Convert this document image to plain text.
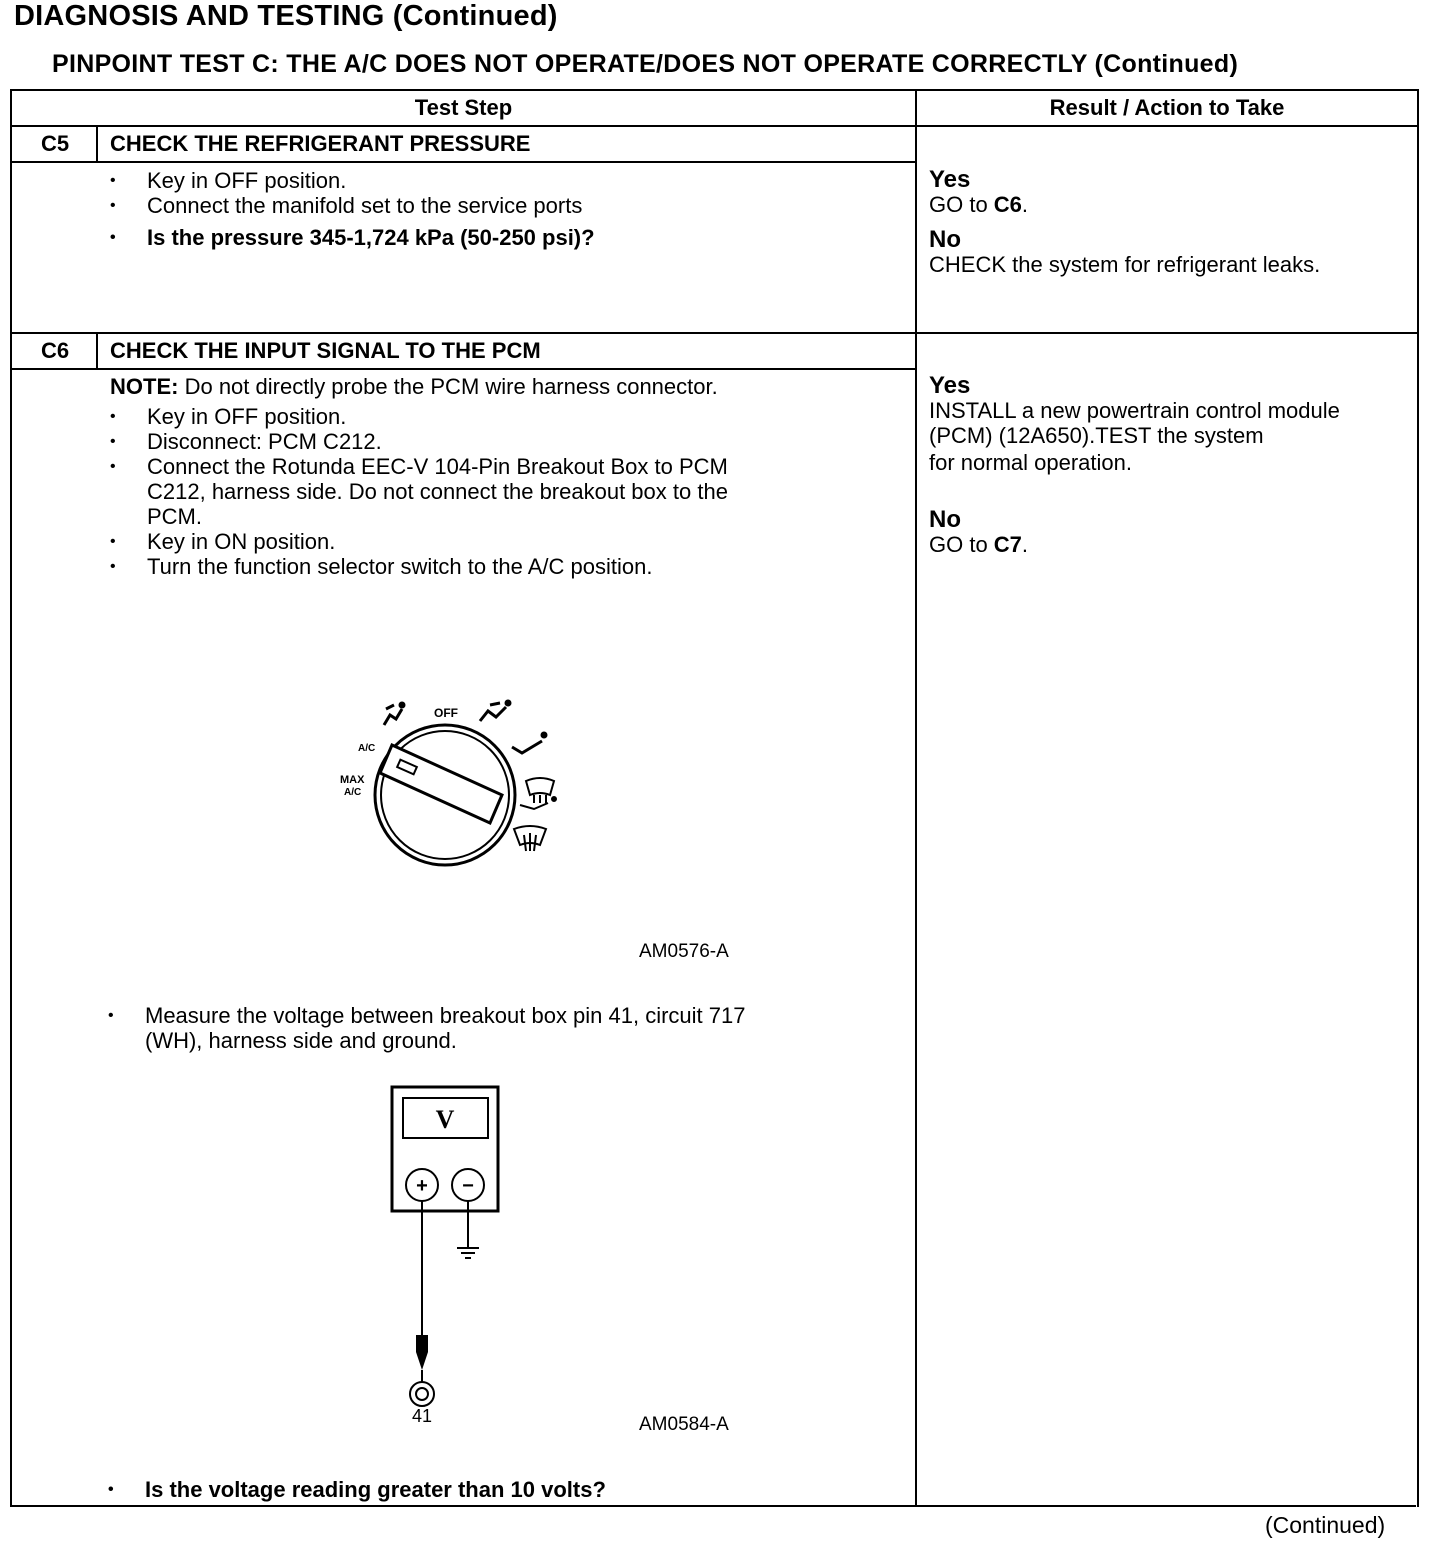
DIAGNOSIS AND TESTING (Continued)
PINPOINT TEST C: THE A/C DOES NOT OPERATE/DOES NOT OPERATE CORRECTLY (Continued)
Test Step	Result / Action to Take
C5	CHECK THE REFRIGERANT PRESSURE
• Key in OFF position.
• Connect the manifold set to the service ports
• Is the pressure 345-1,724 kPa (50-250 psi)?
Yes
GO to C6.
No
CHECK the system for refrigerant leaks.
C6	CHECK THE INPUT SIGNAL TO THE PCM
NOTE: Do not directly probe the PCM wire harness connector.
• Key in OFF position.
• Disconnect: PCM C212.
• Connect the Rotunda EEC-V 104-Pin Breakout Box to PCM
C212, harness side. Do not connect the breakout box to the
PCM.
• Key in ON position.
• Turn the function selector switch to the A/C position.
OFF
A/C
MAX
A/C
AM0576-A
• Measure the voltage between breakout box pin 41, circuit 717
(WH), harness side and ground.
V
+ −
41	AM0584-A
• Is the voltage reading greater than 10 volts?
Yes
INSTALL a new powertrain control module
(PCM) (12A650).TEST the system
for normal operation.
No
GO to C7.
(Continued)
